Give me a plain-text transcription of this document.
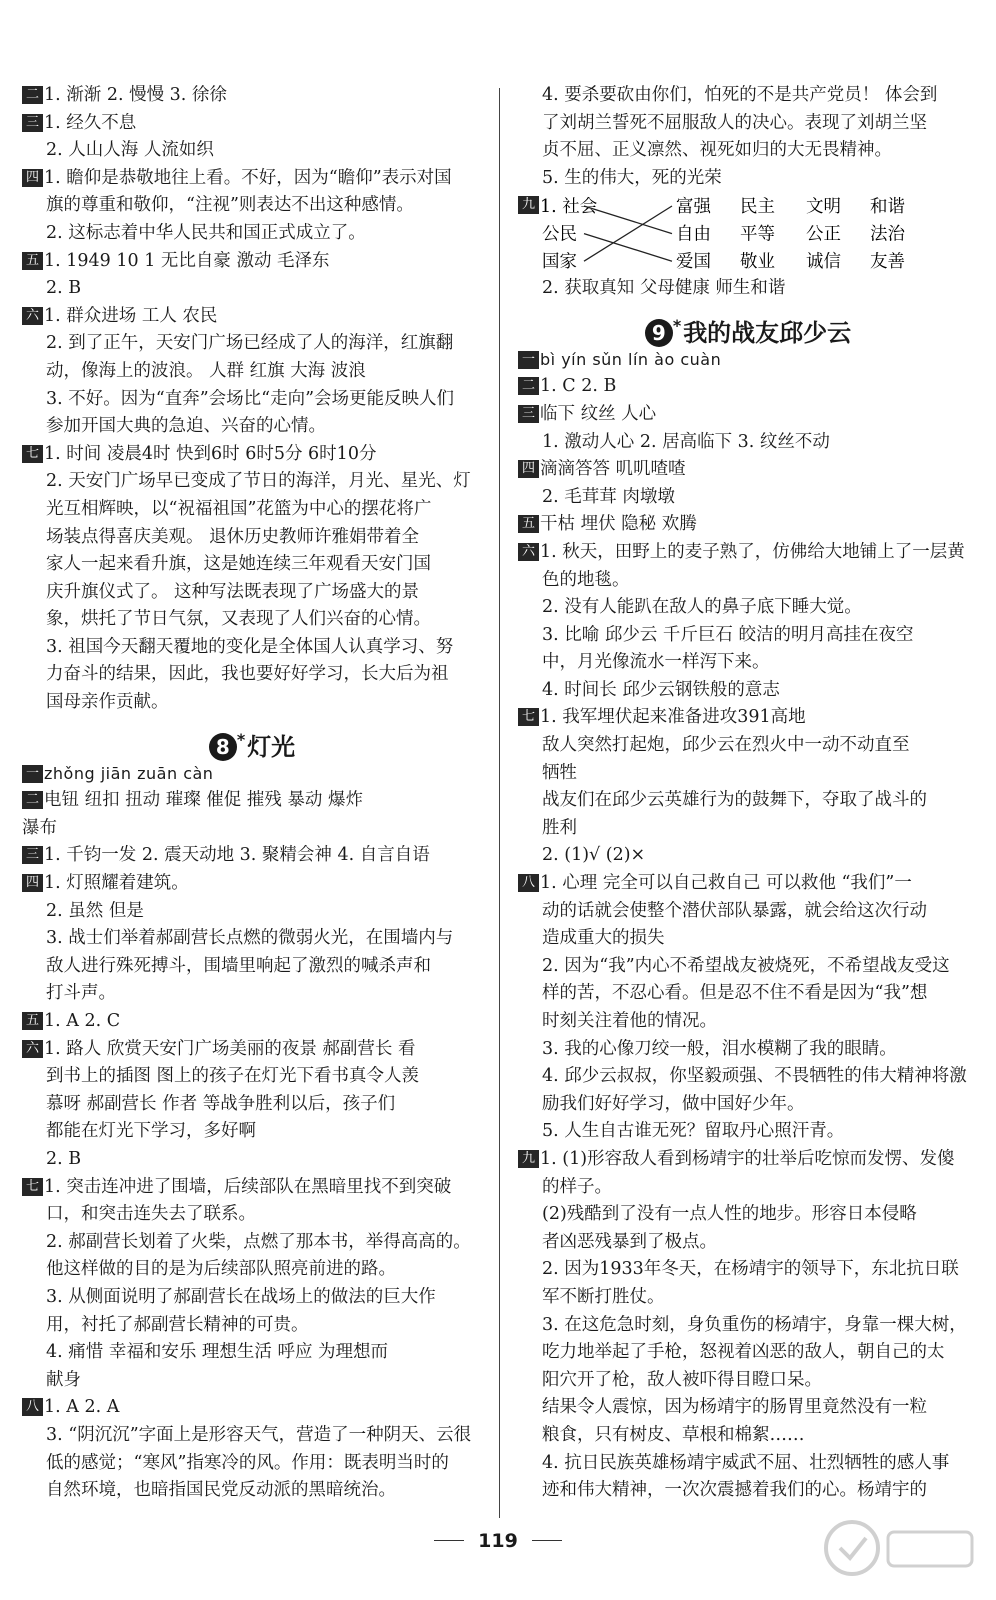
二 1. 渐渐 2. 慢慢 3. 徐徐
三 1. 经久不息
2. 人山人海 人流如织
四 1. 瞻仰是恭敬地往上看。不好，因为“瞻仰”表示对国
旗的尊重和敬仰，“注视”则表达不出这种感情。
2. 这标志着中华人民共和国正式成立了。
五 1. 1949 10 1 无比自豪 激动 毛泽东
2. B
六 1. 群众进场 工人 农民
2. 到了正午，天安门广场已经成了人的海洋，红旗翻
动，像海上的波浪。 人群 红旗 大海 波浪
3. 不好。因为“直奔”会场比“走向”会场更能反映人们
参加开国大典的急迫、兴奋的心情。
七 1. 时间 凌晨4时 快到6时 6时5分 6时10分
2. 天安门广场早已变成了节日的海洋，月光、星光、灯
光互相辉映，以“祝福祖国”花篮为中心的摆花将广
场装点得喜庆美观。 退休历史教师许雅娟带着全
家人一起来看升旗，这是她连续三年观看天安门国
庆升旗仪式了。 这种写法既表现了广场盛大的景
象，烘托了节日气氛，又表现了人们兴奋的心情。
3. 祖国今天翻天覆地的变化是全体国人认真学习、努
力奋斗的结果，因此，我也要好好学习，长大后为祖
国母亲作贡献。
8 *灯光
一 zhǒng jiān zuān càn
二 电钮 纽扣 扭动 璀璨 催促 摧残 暴动 爆炸
瀑布
三 1. 千钧一发 2. 震天动地 3. 聚精会神 4. 自言自语
四 1. 灯照耀着建筑。
2. 虽然 但是
3. 战士们举着郝副营长点燃的微弱火光，在围墙内与
敌人进行殊死搏斗，围墙里响起了激烈的喊杀声和
打斗声。
五 1. A 2. C
六 1. 路人 欣赏天安门广场美丽的夜景 郝副营长 看
到书上的插图 图上的孩子在灯光下看书真令人羡
慕呀 郝副营长 作者 等战争胜利以后，孩子们
都能在灯光下学习，多好啊
2. B
七 1. 突击连冲进了围墙，后续部队在黑暗里找不到突破
口，和突击连失去了联系。
2. 郝副营长划着了火柴，点燃了那本书，举得高高的。
他这样做的目的是为后续部队照亮前进的路。
3. 从侧面说明了郝副营长在战场上的做法的巨大作
用，衬托了郝副营长精神的可贵。
4. 痛惜 幸福和安乐 理想生活 呼应 为理想而
献身
八 1. A 2. A
3. “阴沉沉”字面上是形容天气，营造了一种阴天、云很
低的感觉；“寒风”指寒冷的风。作用：既表明当时的
自然环境，也暗指国民党反动派的黑暗统治。
4. 要杀要砍由你们，怕死的不是共产党员！ 体会到
了刘胡兰誓死不屈服敌人的决心。表现了刘胡兰坚
贞不屈、正义凛然、视死如归的大无畏精神。
5. 生的伟大，死的光荣
九 1. 社会
公民
国家
富强 民主 文明 和谐
自由 平等 公正 法治
爱国 敬业 诚信 友善
2. 获取真知 父母健康 师生和谐
9 *我的战友邱少云
一 bì yín sǔn lín ào cuàn
二 1. C 2. B
三 临下 纹丝 人心
1. 激动人心 2. 居高临下 3. 纹丝不动
四 滴滴答答 叽叽喳喳
2. 毛茸茸 肉墩墩
五 干枯 埋伏 隐秘 欢腾
六 1. 秋天，田野上的麦子熟了，仿佛给大地铺上了一层黄
色的地毯。
2. 没有人能趴在敌人的鼻子底下睡大觉。
3. 比喻 邱少云 千斤巨石 皎洁的明月高挂在夜空
中，月光像流水一样泻下来。
4. 时间长 邱少云钢铁般的意志
七 1. 我军埋伏起来准备进攻391高地
敌人突然打起炮，邱少云在烈火中一动不动直至
牺牲
战友们在邱少云英雄行为的鼓舞下，夺取了战斗的
胜利
2. (1)√ (2)×
八 1. 心理 完全可以自己救自己 可以救他 “我们”一
动的话就会使整个潜伏部队暴露，就会给这次行动
造成重大的损失
2. 因为“我”内心不希望战友被烧死，不希望战友受这
样的苦，不忍心看。但是忍不住不看是因为“我”想
时刻关注着他的情况。
3. 我的心像刀绞一般，泪水模糊了我的眼睛。
4. 邱少云叔叔，你坚毅顽强、不畏牺牲的伟大精神将激
励我们好好学习，做中国好少年。
5. 人生自古谁无死？留取丹心照汗青。
九 1. (1)形容敌人看到杨靖宇的壮举后吃惊而发愣、发傻
的样子。
(2)残酷到了没有一点人性的地步。形容日本侵略
者凶恶残暴到了极点。
2. 因为1933年冬天，在杨靖宇的领导下，东北抗日联
军不断打胜仗。
3. 在这危急时刻，身负重伤的杨靖宇，身靠一棵大树，
吃力地举起了手枪，怒视着凶恶的敌人，朝自己的太
阳穴开了枪，敌人被吓得目瞪口呆。
结果令人震惊，因为杨靖宇的肠胃里竟然没有一粒
粮食，只有树皮、草根和棉絮……
4. 抗日民族英雄杨靖宇威武不屈、壮烈牺牲的感人事
迹和伟大精神，一次次震撼着我们的心。杨靖宇的
119
